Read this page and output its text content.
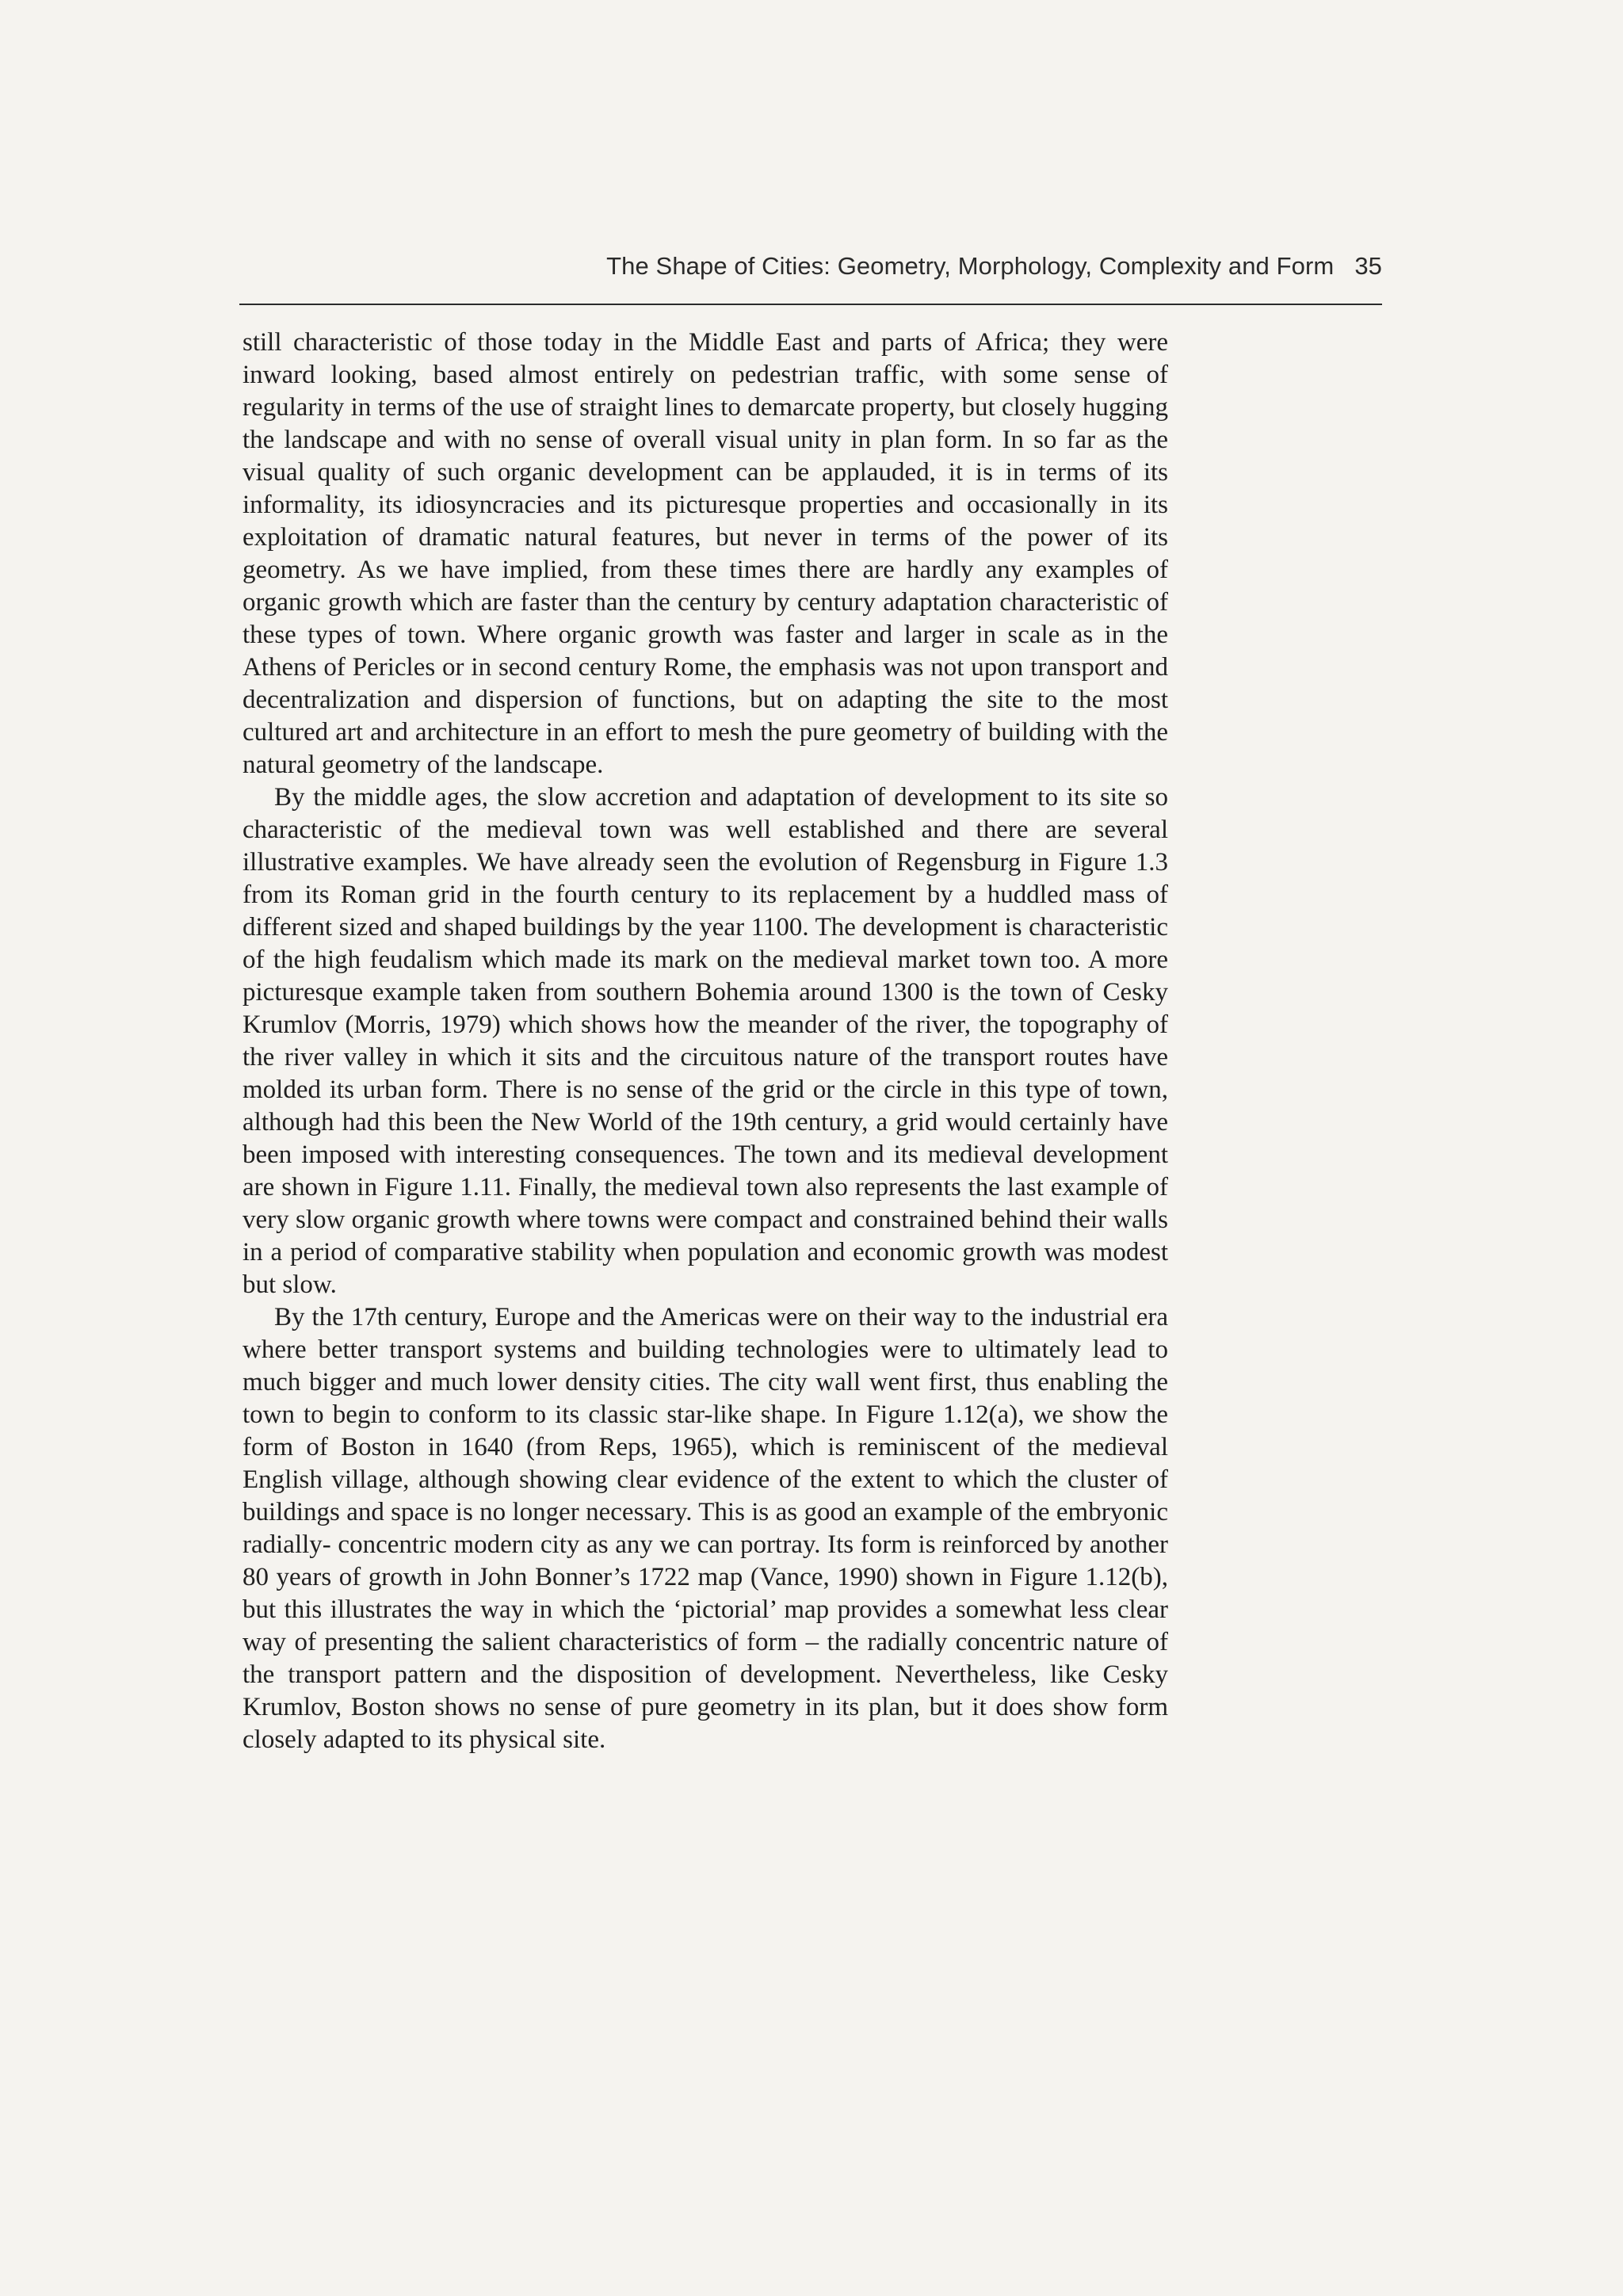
The Shape of Cities: Geometry, Morphology, Complexity and Form 35

still characteristic of those today in the Middle East and parts of Africa; they were inward looking, based almost entirely on pedestrian traffic, with some sense of regularity in terms of the use of straight lines to demarcate property, but closely hugging the landscape and with no sense of overall visual unity in plan form. In so far as the visual quality of such organic development can be applauded, it is in terms of its informality, its idiosyncracies and its picturesque properties and occasionally in its exploitation of dramatic natural features, but never in terms of the power of its geometry. As we have implied, from these times there are hardly any examples of organic growth which are faster than the century by century adaptation characteristic of these types of town. Where organic growth was faster and larger in scale as in the Athens of Pericles or in second century Rome, the emphasis was not upon transport and decentralization and dispersion of functions, but on adapting the site to the most cultured art and architecture in an effort to mesh the pure geometry of building with the natural geometry of the landscape.

By the middle ages, the slow accretion and adaptation of development to its site so characteristic of the medieval town was well established and there are several illustrative examples. We have already seen the evolution of Regensburg in Figure 1.3 from its Roman grid in the fourth century to its replacement by a huddled mass of different sized and shaped buildings by the year 1100. The development is characteristic of the high feudalism which made its mark on the medieval market town too. A more picturesque example taken from southern Bohemia around 1300 is the town of Cesky Krumlov (Morris, 1979) which shows how the meander of the river, the topography of the river valley in which it sits and the circuitous nature of the transport routes have molded its urban form. There is no sense of the grid or the circle in this type of town, although had this been the New World of the 19th century, a grid would certainly have been imposed with interesting consequences. The town and its medieval development are shown in Figure 1.11. Finally, the medieval town also represents the last example of very slow organic growth where towns were compact and constrained behind their walls in a period of comparative stability when population and economic growth was modest but slow.

By the 17th century, Europe and the Americas were on their way to the industrial era where better transport systems and building technologies were to ultimately lead to much bigger and much lower density cities. The city wall went first, thus enabling the town to begin to conform to its classic star-like shape. In Figure 1.12(a), we show the form of Boston in 1640 (from Reps, 1965), which is reminiscent of the medieval English village, although showing clear evidence of the extent to which the cluster of buildings and space is no longer necessary. This is as good an example of the embryonic radially- concentric modern city as any we can portray. Its form is reinforced by another 80 years of growth in John Bonner’s 1722 map (Vance, 1990) shown in Figure 1.12(b), but this illustrates the way in which the ‘pictorial’ map provides a somewhat less clear way of presenting the salient characteristics of form – the radially concentric nature of the transport pattern and the disposition of development. Nevertheless, like Cesky Krumlov, Boston shows no sense of pure geometry in its plan, but it does show form closely adapted to its physical site.
